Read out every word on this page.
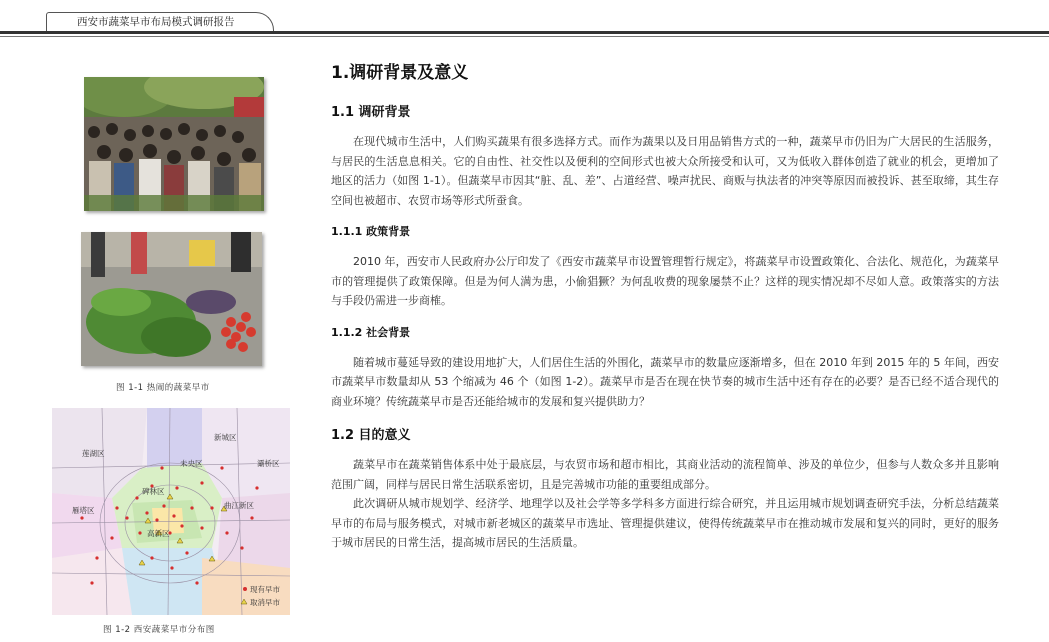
西安市蔬菜早市布局模式调研报告
图 1-1 热闹的蔬菜早市
莲湖区
新城区
灞桥区
雁塔区
未央区
碑林区
曲江新区
高新区
现有早市
取消早市
图 1-2 西安蔬菜早市分布图
1.调研背景及意义
1.1 调研背景

在现代城市生活中，人们购买蔬果有很多选择方式。而作为蔬果以及日用品销售方式的一种，蔬菜早市仍旧为广大居民的生活服务，与居民的生活息息相关。它的自由性、社交性以及便利的空间形式也被大众所接受和认可，又为低收入群体创造了就业的机会，更增加了地区的活力（如图 1-1）。但蔬菜早市因其“脏、乱、差”、占道经营、噪声扰民、商贩与执法者的冲突等原因而被投诉、甚至取缔，其生存空间也被超市、农贸市场等形式所蚕食。

1.1.1 政策背景

2010 年，西安市人民政府办公厅印发了《西安市蔬菜早市设置管理暂行规定》，将蔬菜早市设置政策化、合法化、规范化，为蔬菜早市的管理提供了政策保障。但是为何人满为患，小偷猖獗？为何乱收费的现象屡禁不止？这样的现实情况却不尽如人意。政策落实的方法与手段仍需进一步商榷。

1.1.2 社会背景

随着城市蔓延导致的建设用地扩大，人们居住生活的外围化，蔬菜早市的数量应逐渐增多，但在 2010 年到 2015 年的 5 年间，西安市蔬菜早市数量却从 53 个缩减为 46 个（如图 1-2）。蔬菜早市是否在现在快节奏的城市生活中还有存在的必要？是否已经不适合现代的商业环境？传统蔬菜早市是否还能给城市的发展和复兴提供助力？

1.2 目的意义

蔬菜早市在蔬菜销售体系中处于最底层，与农贸市场和超市相比，其商业活动的流程简单、涉及的单位少，但参与人数众多并且影响范围广阔，同样与居民日常生活联系密切，且是完善城市功能的重要组成部分。

此次调研从城市规划学、经济学、地理学以及社会学等多学科多方面进行综合研究，并且运用城市规划调查研究手法，分析总结蔬菜早市的布局与服务模式，对城市新老城区的蔬菜早市选址、管理提供建议，使得传统蔬菜早市在推动城市发展和复兴的同时，更好的服务于城市居民的日常生活，提高城市居民的生活质量。
